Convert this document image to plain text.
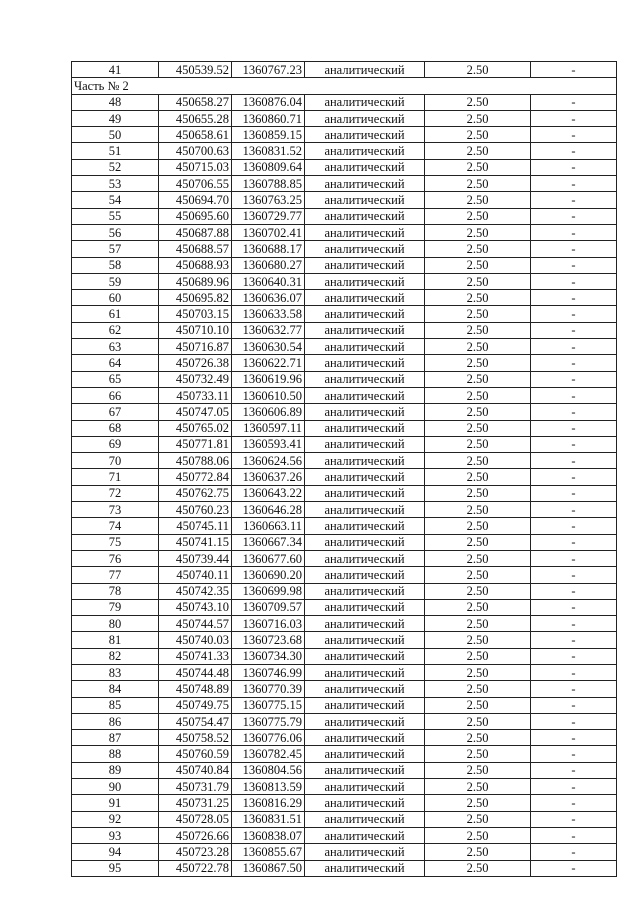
41	450539.52	1360767.23	аналитический	2.50	-
Часть № 2					
48	450658.27	1360876.04	аналитический	2.50	-
49	450655.28	1360860.71	аналитический	2.50	-
50	450658.61	1360859.15	аналитический	2.50	-
51	450700.63	1360831.52	аналитический	2.50	-
52	450715.03	1360809.64	аналитический	2.50	-
53	450706.55	1360788.85	аналитический	2.50	-
54	450694.70	1360763.25	аналитический	2.50	-
55	450695.60	1360729.77	аналитический	2.50	-
56	450687.88	1360702.41	аналитический	2.50	-
57	450688.57	1360688.17	аналитический	2.50	-
58	450688.93	1360680.27	аналитический	2.50	-
59	450689.96	1360640.31	аналитический	2.50	-
60	450695.82	1360636.07	аналитический	2.50	-
61	450703.15	1360633.58	аналитический	2.50	-
62	450710.10	1360632.77	аналитический	2.50	-
63	450716.87	1360630.54	аналитический	2.50	-
64	450726.38	1360622.71	аналитический	2.50	-
65	450732.49	1360619.96	аналитический	2.50	-
66	450733.11	1360610.50	аналитический	2.50	-
67	450747.05	1360606.89	аналитический	2.50	-
68	450765.02	1360597.11	аналитический	2.50	-
69	450771.81	1360593.41	аналитический	2.50	-
70	450788.06	1360624.56	аналитический	2.50	-
71	450772.84	1360637.26	аналитический	2.50	-
72	450762.75	1360643.22	аналитический	2.50	-
73	450760.23	1360646.28	аналитический	2.50	-
74	450745.11	1360663.11	аналитический	2.50	-
75	450741.15	1360667.34	аналитический	2.50	-
76	450739.44	1360677.60	аналитический	2.50	-
77	450740.11	1360690.20	аналитический	2.50	-
78	450742.35	1360699.98	аналитический	2.50	-
79	450743.10	1360709.57	аналитический	2.50	-
80	450744.57	1360716.03	аналитический	2.50	-
81	450740.03	1360723.68	аналитический	2.50	-
82	450741.33	1360734.30	аналитический	2.50	-
83	450744.48	1360746.99	аналитический	2.50	-
84	450748.89	1360770.39	аналитический	2.50	-
85	450749.75	1360775.15	аналитический	2.50	-
86	450754.47	1360775.79	аналитический	2.50	-
87	450758.52	1360776.06	аналитический	2.50	-
88	450760.59	1360782.45	аналитический	2.50	-
89	450740.84	1360804.56	аналитический	2.50	-
90	450731.79	1360813.59	аналитический	2.50	-
91	450731.25	1360816.29	аналитический	2.50	-
92	450728.05	1360831.51	аналитический	2.50	-
93	450726.66	1360838.07	аналитический	2.50	-
94	450723.28	1360855.67	аналитический	2.50	-
95	450722.78	1360867.50	аналитический	2.50	-
